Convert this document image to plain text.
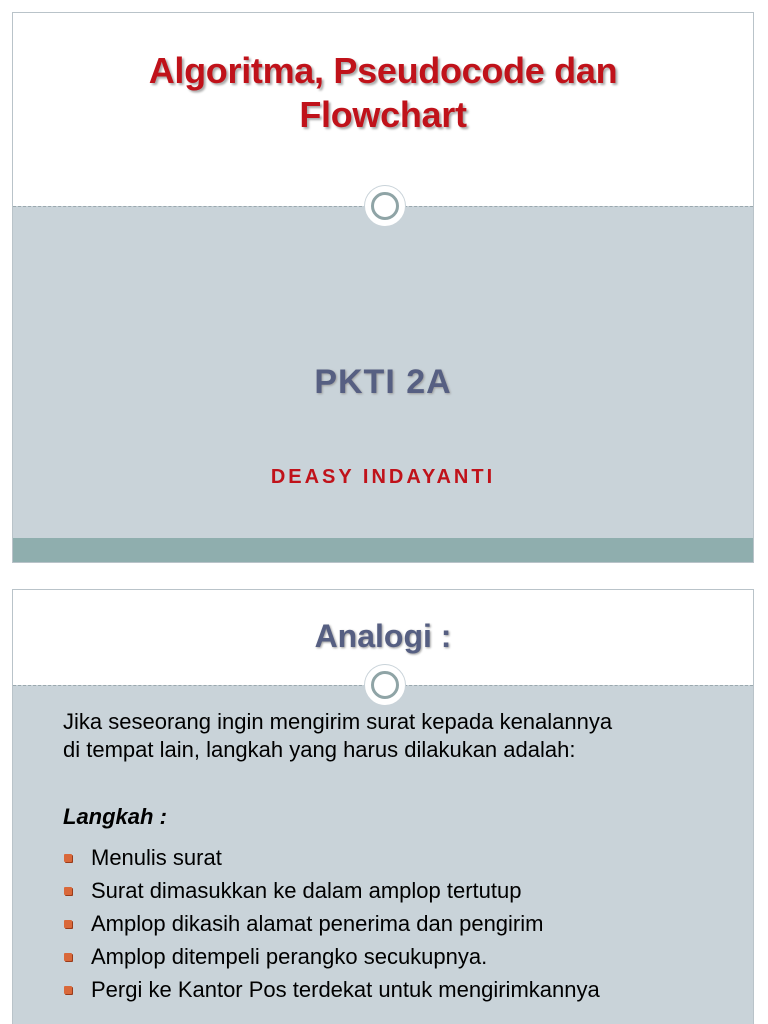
Algoritma, Pseudocode dan
Flowchart
PKTI 2A
DEASY INDAYANTI
Analogi :
Jika seseorang ingin mengirim surat kepada kenalannya
di tempat lain, langkah yang harus dilakukan adalah:
Langkah :
Menulis surat
Surat dimasukkan ke dalam amplop tertutup
Amplop dikasih alamat penerima dan pengirim
Amplop ditempeli perangko secukupnya.
Pergi ke Kantor Pos terdekat untuk mengirimkannya
